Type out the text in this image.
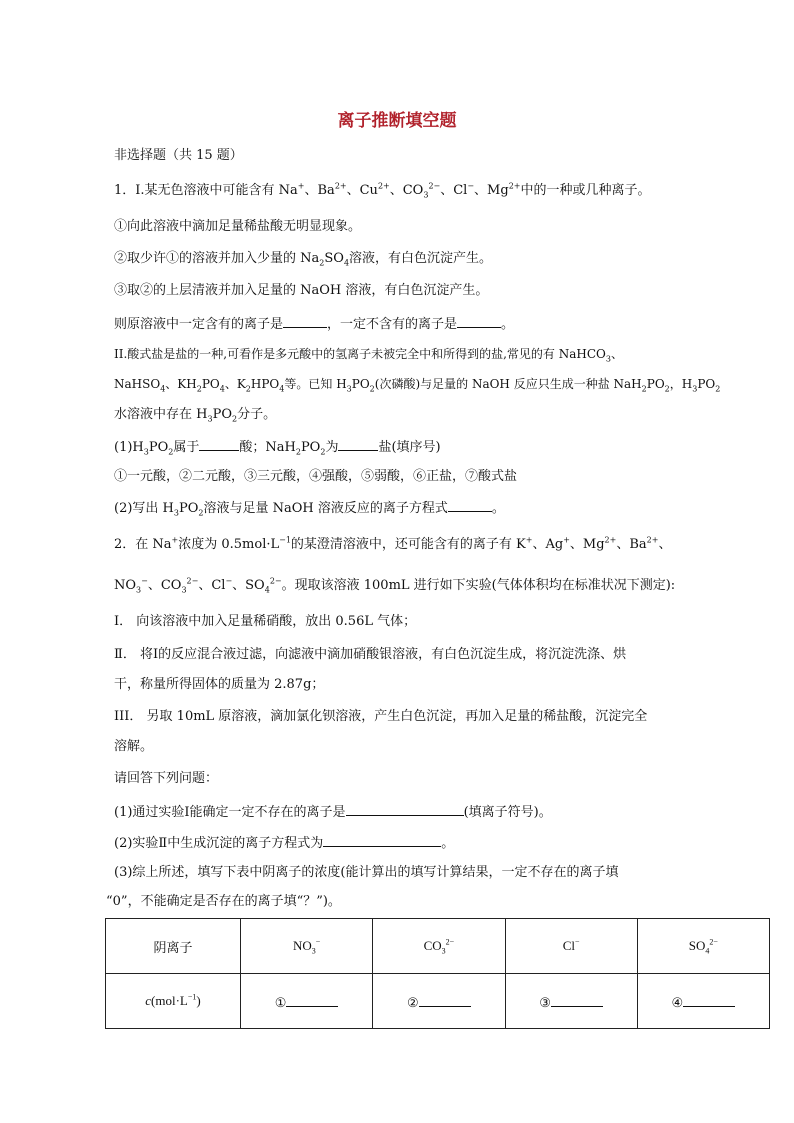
离子推断填空题
非选择题（共 15 题）
1．Ⅰ.某无色溶液中可能含有 Na+、$Ba^{2+}$、$Cu^{2+}$、$CO_3^{2-}$、Cl−、$Mg^{2+}$中的一种或几种离子。
①向此溶液中滴加足量稀盐酸无明显现象。
②取少许①的溶液并加入少量的 $Na_2SO_4$溶液，有白色沉淀产生。
③取②的上层清液并加入足量的 NaOH 溶液，有白色沉淀产生。
则原溶液中一定含有的离子是	，一定不含有的离子是	。
II.酸式盐是盐的一种,可看作是多元酸中的氢离子未被完全中和所得到的盐,常见的有 NaHCO$_3$、
NaHSO$_4$、$KH_2PO_4$、$K_2HPO_4$等。已知 $H_3PO_2$(次磷酸)与足量的 NaOH 反应只生成一种盐 $NaH_2PO_2$，$H_3PO_2$
水溶液中存在 $H_3PO_2$分子。
$(1)H_3PO_2$属于	酸；$NaH_2PO_2$为	盐(填序号)
①一元酸，②二元酸，③三元酸，④强酸，⑤弱酸，⑥正盐，⑦酸式盐
(2)写出 $H_3PO_2$溶液与足量 NaOH 溶液反应的离子方程式	。
2．在 Na+浓度为 $0.5mol\cdot L^{-1}$的某澄清溶液中，还可能含有的离子有 K+、Ag+、$Mg^{2+}$、$Ba^{2+}$、
$NO_3^-$、$CO_3^{2-}$、Cl−、$SO_4^{2-}$。现取该溶液 100mL 进行如下实验(气体体积均在标准状况下测定):
I． 向该溶液中加入足量稀硝酸，放出 0.56L 气体；
Ⅱ． 将Ⅰ的反应混合液过滤，向滤液中滴加硝酸银溶液，有白色沉淀生成，将沉淀洗涤、烘
干，称量所得固体的质量为 2.87g；
III． 另取 10mL 原溶液，滴加氯化钡溶液，产生白色沉淀，再加入足量的稀盐酸，沉淀完全
溶解。
请回答下列问题：
(1)通过实验Ⅰ能确定一定不存在的离子是	(填离子符号)。
(2)实验Ⅱ中生成沉淀的离子方程式为	。
(3)综上所述，填写下表中阴离子的浓度(能计算出的填写计算结果，一定不存在的离子填
“0”，不能确定是否存在的离子填“？”)。
阴离子	$NO_3^-$	$CO_3^{2-}$	Cl−	$SO_4^{2-}$
$c(mol\cdot L^{-1})$	①	②	③	④
